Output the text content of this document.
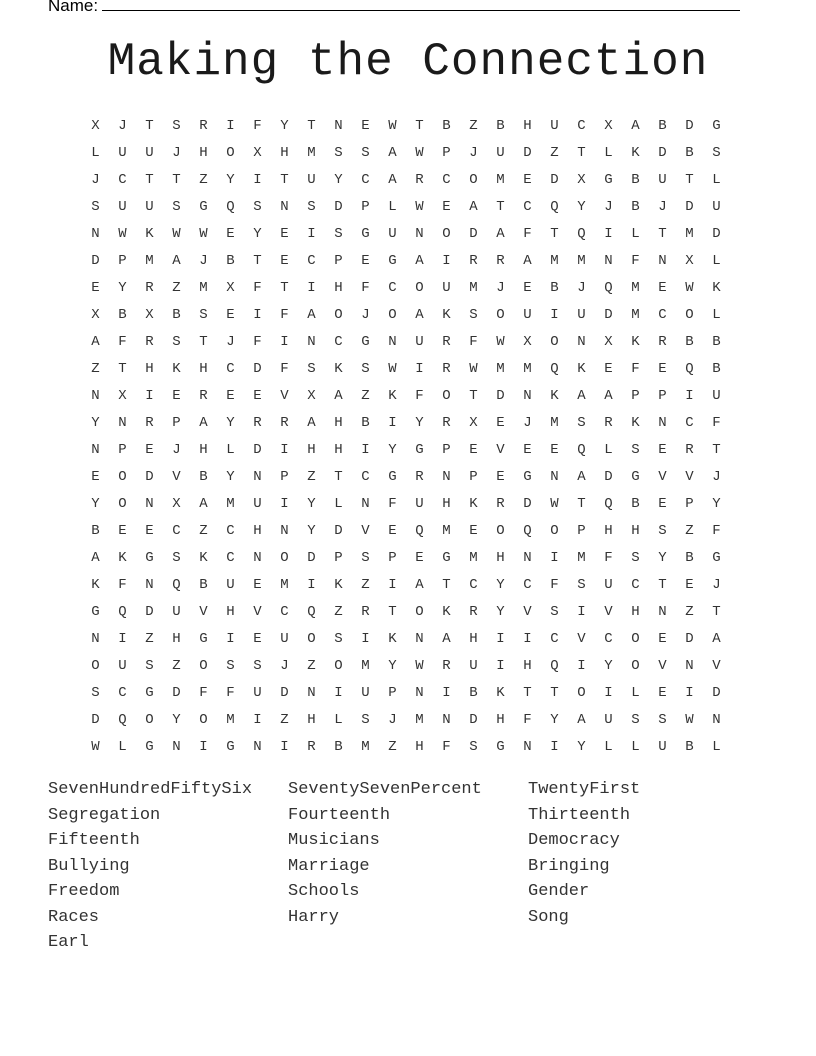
Name:
Making the Connection
X	J	T	S	R	I	F	Y	T	N	E	W	T	B	Z	B	H	U	C	X	A	B	D	G
L	U	U	J	H	O	X	H	M	S	S	A	W	P	J	U	D	Z	T	L	K	D	B	S
J	C	T	T	Z	Y	I	T	U	Y	C	A	R	C	O	M	E	D	X	G	B	U	T	L
S	U	U	S	G	Q	S	N	S	D	P	L	W	E	A	T	C	Q	Y	J	B	J	D	U
N	W	K	W	W	E	Y	E	I	S	G	U	N	O	D	A	F	T	Q	I	L	T	M	D
D	P	M	A	J	B	T	E	C	P	E	G	A	I	R	R	A	M	M	N	F	N	X	L
E	Y	R	Z	M	X	F	T	I	H	F	C	O	U	M	J	E	B	J	Q	M	E	W	K
X	B	X	B	S	E	I	F	A	O	J	O	A	K	S	O	U	I	U	D	M	C	O	L
A	F	R	S	T	J	F	I	N	C	G	N	U	R	F	W	X	O	N	X	K	R	B	B
Z	T	H	K	H	C	D	F	S	K	S	W	I	R	W	M	M	Q	K	E	F	E	Q	B
N	X	I	E	R	E	E	V	X	A	Z	K	F	O	T	D	N	K	A	A	P	P	I	U
Y	N	R	P	A	Y	R	R	A	H	B	I	Y	R	X	E	J	M	S	R	K	N	C	F
N	P	E	J	H	L	D	I	H	H	I	Y	G	P	E	V	E	E	Q	L	S	E	R	T
E	O	D	V	B	Y	N	P	Z	T	C	G	R	N	P	E	G	N	A	D	G	V	V	J
Y	O	N	X	A	M	U	I	Y	L	N	F	U	H	K	R	D	W	T	Q	B	E	P	Y
B	E	E	C	Z	C	H	N	Y	D	V	E	Q	M	E	O	Q	O	P	H	H	S	Z	F
A	K	G	S	K	C	N	O	D	P	S	P	E	G	M	H	N	I	M	F	S	Y	B	G
K	F	N	Q	B	U	E	M	I	K	Z	I	A	T	C	Y	C	F	S	U	C	T	E	J
G	Q	D	U	V	H	V	C	Q	Z	R	T	O	K	R	Y	V	S	I	V	H	N	Z	T
N	I	Z	H	G	I	E	U	O	S	I	K	N	A	H	I	I	C	V	C	O	E	D	A
O	U	S	Z	O	S	S	J	Z	O	M	Y	W	R	U	I	H	Q	I	Y	O	V	N	V
S	C	G	D	F	F	U	D	N	I	U	P	N	I	B	K	T	T	O	I	L	E	I	D
D	Q	O	Y	O	M	I	Z	H	L	S	J	M	N	D	H	F	Y	A	U	S	S	W	N
W	L	G	N	I	G	N	I	R	B	M	Z	H	F	S	G	N	I	Y	L	L	U	B	L
SevenHundredFiftySix	SeventySevenPercent	TwentyFirst
Segregation	Fourteenth	Thirteenth
Fifteenth	Musicians	Democracy
Bullying	Marriage	Bringing
Freedom	Schools	Gender
Races	Harry	Song
Earl
